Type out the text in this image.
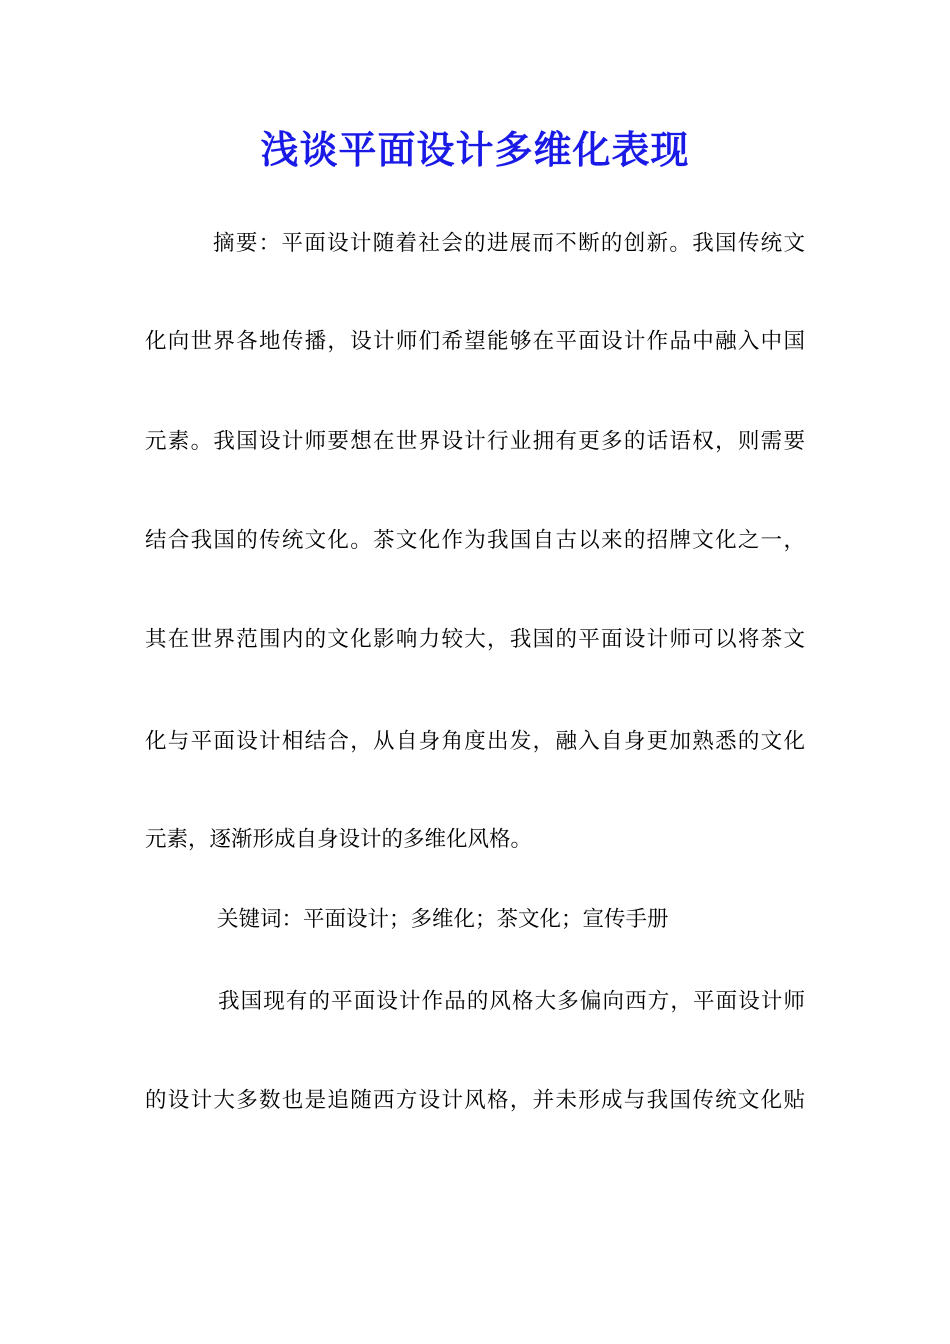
浅谈平面设计多维化表现
摘要：平面设计随着社会的进展而不断的创新。我国传统文
化向世界各地传播，设计师们希望能够在平面设计作品中融入中国
元素。我国设计师要想在世界设计行业拥有更多的话语权，则需要
结合我国的传统文化。茶文化作为我国自古以来的招牌文化之一，
其在世界范围内的文化影响力较大，我国的平面设计师可以将茶文
化与平面设计相结合，从自身角度出发，融入自身更加熟悉的文化
元素，逐渐形成自身设计的多维化风格。
关键词：平面设计；多维化；茶文化；宣传手册
我国现有的平面设计作品的风格大多偏向西方，平面设计师
的设计大多数也是追随西方设计风格，并未形成与我国传统文化贴
